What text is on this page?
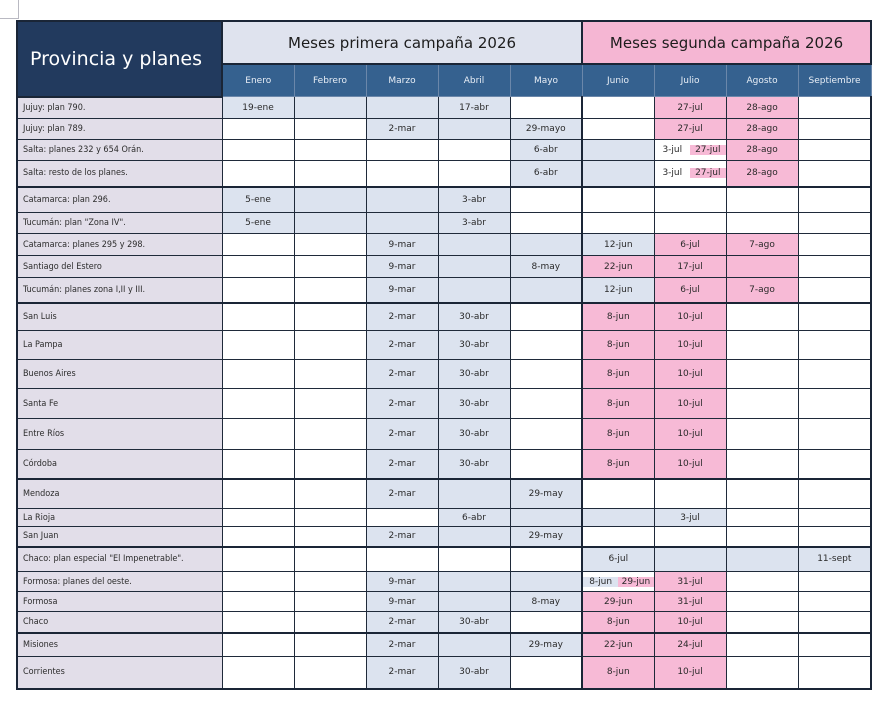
Provincia y planes	Meses primera campaña 2026					Meses segunda campaña 2026			
	Enero	Febrero	Marzo	Abril	Mayo	Junio	Julio	Agosto	Septiembre
Jujuy: plan 790.	19-ene			17-abr			27-jul	28-ago	
Jujuy: plan 789.			2-mar		29-mayo		27-jul	28-ago	
Salta: planes 232 y 654 Orán.					6-abr		3-jul 27-jul	28-ago	
Salta: resto de los planes.					6-abr		3-jul 27-jul	28-ago	
Catamarca: plan 296.	5-ene			3-abr					
Tucumán: plan "Zona IV".	5-ene			3-abr					
Catamarca: planes 295 y 298.			9-mar			12-jun	6-jul	7-ago	
Santiago del Estero			9-mar		8-may	22-jun	17-jul		
Tucumán: planes zona I,II y III.			9-mar			12-jun	6-jul	7-ago	
San Luis			2-mar	30-abr		8-jun	10-jul		
La Pampa			2-mar	30-abr		8-jun	10-jul		
Buenos Aires			2-mar	30-abr		8-jun	10-jul		
Santa Fe			2-mar	30-abr		8-jun	10-jul		
Entre Ríos			2-mar	30-abr		8-jun	10-jul		
Córdoba			2-mar	30-abr		8-jun	10-jul		
Mendoza			2-mar		29-may				
La Rioja				6-abr			3-jul		
San Juan			2-mar		29-may				
Chaco: plan especial "El Impenetrable".						6-jul			11-sept
Formosa: planes del oeste.			9-mar			8-jun 29-jun	31-jul		
Formosa			9-mar		8-may	29-jun	31-jul		
Chaco			2-mar	30-abr		8-jun	10-jul		
Misiones			2-mar		29-may	22-jun	24-jul		
Corrientes			2-mar	30-abr		8-jun	10-jul		
